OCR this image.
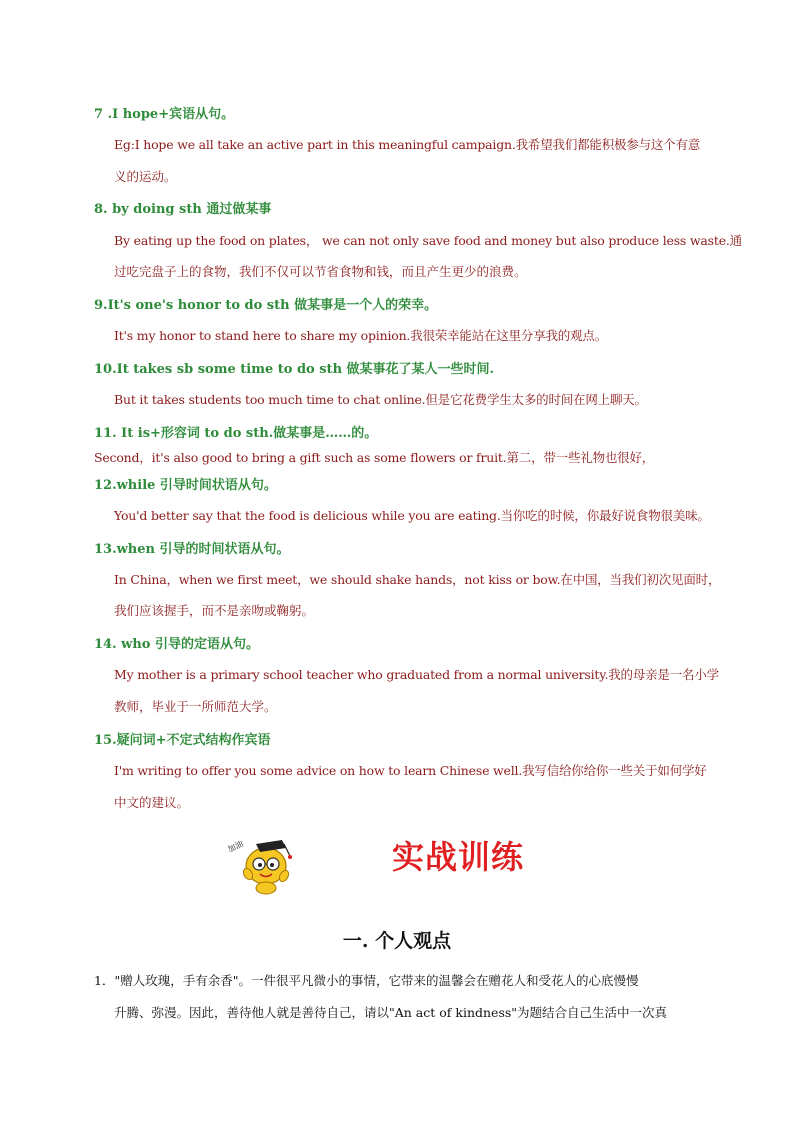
7 .I hope+宾语从句。
Eg:I hope we all take an active part in this meaningful campaign.我希望我们都能积极参与这个有意
义的运动。
8. by doing sth 通过做某事
By eating up the food on plates， we can not only save food and money but also produce less waste.通
过吃完盘子上的食物，我们不仅可以节省食物和钱，而且产生更少的浪费。
9.It's one's honor to do sth 做某事是一个人的荣幸。
It's my honor to stand here to share my opinion.我很荣幸能站在这里分享我的观点。
10.It takes sb some time to do sth 做某事花了某人一些时间.
But it takes students too much time to chat online.但是它花费学生太多的时间在网上聊天。
11. It is+形容词 to do sth.做某事是……的。
Second，it's also good to bring a gift such as some flowers or fruit.第二，带一些礼物也很好，
12.while 引导时间状语从句。
You'd better say that the food is delicious while you are eating.当你吃的时候，你最好说食物很美味。
13.when 引导的时间状语从句。
In China，when we first meet，we should shake hands，not kiss or bow.在中国，当我们初次见面时，
我们应该握手，而不是亲吻或鞠躬。
14. who 引导的定语从句。
My mother is a primary school teacher who graduated from a normal university.我的母亲是一名小学
教师，毕业于一所师范大学。
15.疑问词+不定式结构作宾语
I'm writing to offer you some advice on how to learn Chinese well.我写信给你给你一些关于如何学好
中文的建议。
加油	实战训练
一. 个人观点
1．"赠人玫瑰，手有余香"。一件很平凡微小的事情，它带来的温馨会在赠花人和受花人的心底慢慢
升腾、弥漫。因此，善待他人就是善待自己，请以"An act of kindness"为题结合自己生活中一次真
